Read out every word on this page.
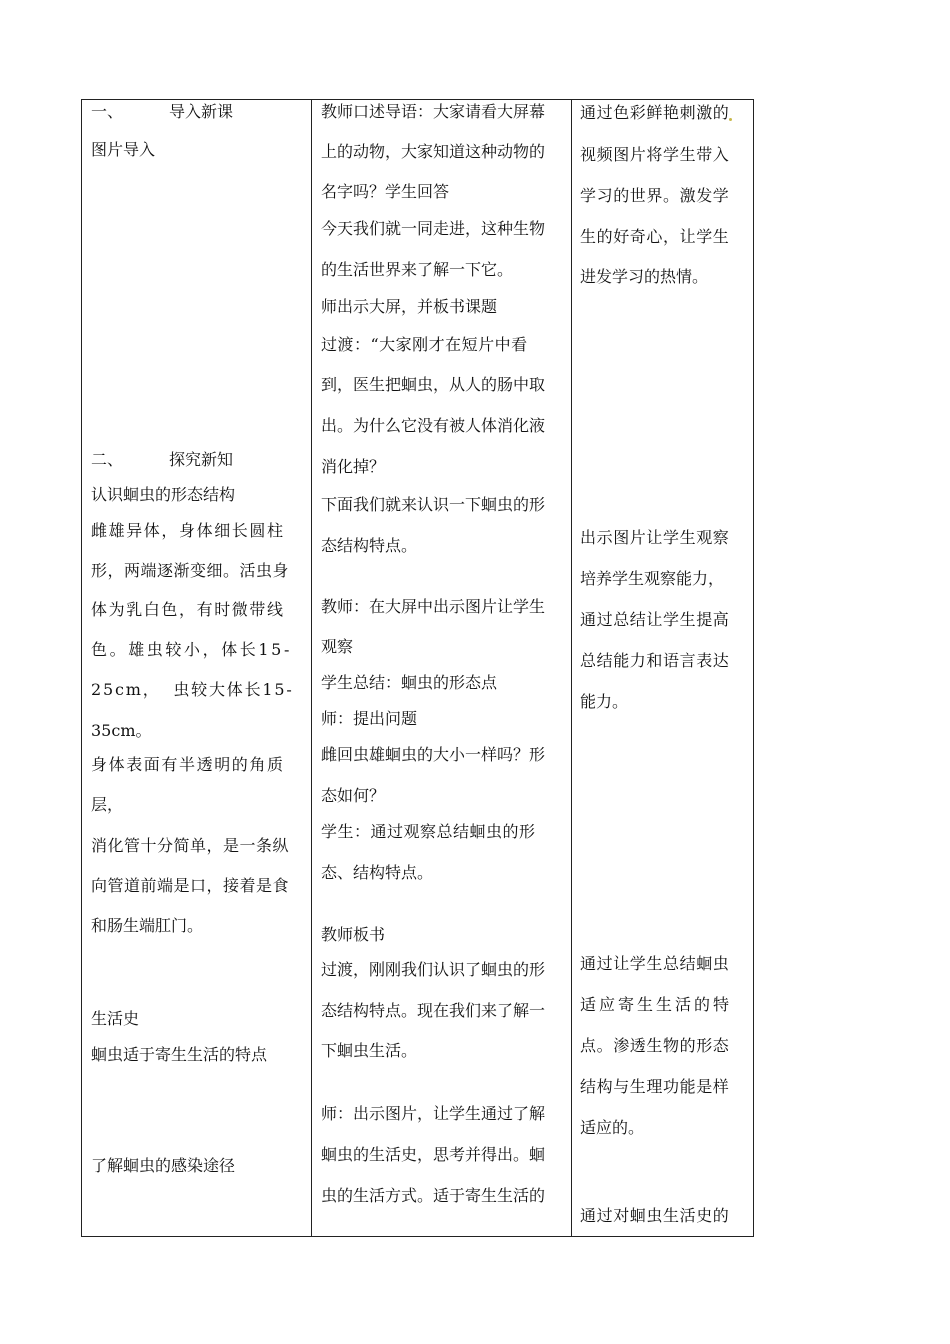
一、	导入新课
图片导入
二、	探究新知
认识蛔虫的形态结构
雌雄异体，身体细长圆柱
形，两端逐渐变细。活虫身
体为乳白色，有时微带线
色。雄虫较小，体长15-
25cm， 虫较大体长15-
35cm。
身体表面有半透明的角质
层，
消化管十分简单，是一条纵
向管道前端是口，接着是食
和肠生端肛门。
生活史
蛔虫适于寄生生活的特点
了解蛔虫的感染途径
教师口述导语：大家请看大屏幕
上的动物，大家知道这种动物的
名字吗？学生回答
今天我们就一同走进，这种生物
的生活世界来了解一下它。
师出示大屏，并板书课题
过渡：“大家刚才在短片中看
到，医生把蛔虫，从人的肠中取
出。为什么它没有被人体消化液
消化掉？
下面我们就来认识一下蛔虫的形
态结构特点。
教师：在大屏中出示图片让学生
观察
学生总结：蛔虫的形态点
师：提出问题
雌回虫雄蛔虫的大小一样吗？形
态如何？
学生：通过观察总结蛔虫的形
态、结构特点。
教师板书
过渡，刚刚我们认识了蛔虫的形
态结构特点。现在我们来了解一
下蛔虫生活。
师：出示图片，让学生通过了解
蛔虫的生活史，思考并得出。蛔
虫的生活方式。适于寄生生活的
通过色彩鲜艳刺激的
视频图片将学生带入
学习的世界。激发学
生的好奇心，让学生
进发学习的热情。
出示图片让学生观察
培养学生观察能力，
通过总结让学生提高
总结能力和语言表达
能力。
通过让学生总结蛔虫
适应寄生生活的特
点。渗透生物的形态
结构与生理功能是样
适应的。
通过对蛔虫生活史的
